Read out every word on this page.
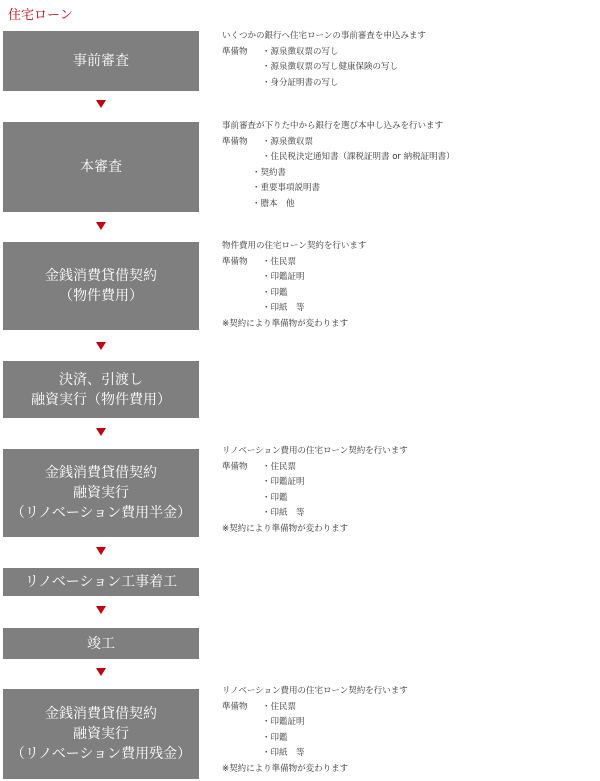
住宅ローン
事前審査
いくつかの銀行へ住宅ローンの事前審査を申込みます
準備物 ・源泉徴収票の写し
・源泉徴収票の写し健康保険の写し
・身分証明書の写し
本審査
事前審査が下りた中から銀行を選び本申し込みを行います
準備物 ・源泉徴収票
・住民税決定通知書（課税証明書 or 納税証明書）
・契約書
・重要事項説明書
・謄本　他
金銭消費貸借契約
（物件費用）
物件費用の住宅ローン契約を行います
準備物 ・住民票
・印鑑証明
・印鑑
・印紙　等
※契約により準備物が変わります
決済、引渡し
融資実行（物件費用）
金銭消費貸借契約
融資実行
（リノベーション費用半金）
リノベーション費用の住宅ローン契約を行います
準備物 ・住民票
・印鑑証明
・印鑑
・印紙　等
※契約により準備物が変わります
リノベーション工事着工
竣工
金銭消費貸借契約
融資実行
（リノベーション費用残金）
リノベーション費用の住宅ローン契約を行います
準備物 ・住民票
・印鑑証明
・印鑑
・印紙　等
※契約により準備物が変わります
